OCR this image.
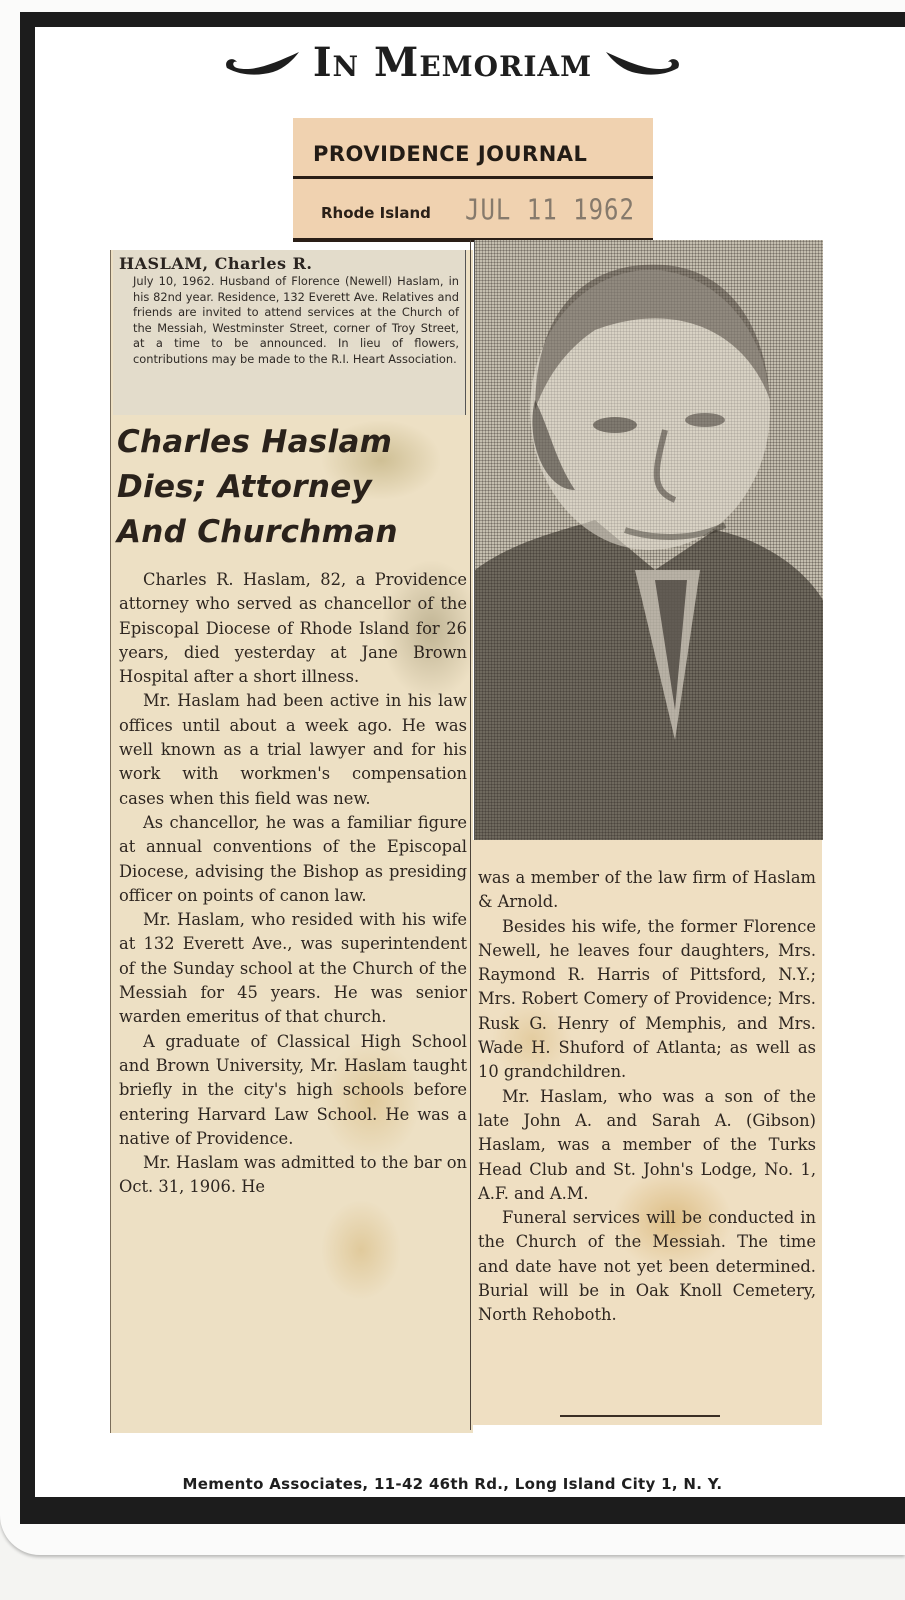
In Memoriam
PROVIDENCE JOURNAL
Rhode Island JUL 11 1962
HASLAM, Charles R.
July 10, 1962. Husband of Florence (Newell) Haslam, in his 82nd year. Residence, 132 Everett Ave. Relatives and friends are invited to attend services at the Church of the Messiah, Westminster Street, corner of Troy Street, at a time to be announced. In lieu of flowers, contributions may be made to the R.I. Heart Association.
Charles Haslam
Dies; Attorney
And Churchman

Charles R. Haslam, 82, a Providence attorney who served as chancellor of the Episcopal Diocese of Rhode Island for 26 years, died yesterday at Jane Brown Hospital after a short illness.

Mr. Haslam had been active in his law offices until about a week ago. He was well known as a trial lawyer and for his work with workmen's compensation cases when this field was new.

As chancellor, he was a familiar figure at annual conventions of the Episcopal Diocese, advising the Bishop as presiding officer on points of canon law.

Mr. Haslam, who resided with his wife at 132 Everett Ave., was superintendent of the Sunday school at the Church of the Messiah for 45 years. He was senior warden emeritus of that church.

A graduate of Classical High School and Brown University, Mr. Haslam taught briefly in the city's high schools before entering Harvard Law School. He was a native of Providence.

Mr. Haslam was admitted to the bar on Oct. 31, 1906. He

was a member of the law firm of Haslam & Arnold.

Besides his wife, the former Florence Newell, he leaves four daughters, Mrs. Raymond R. Harris of Pittsford, N.Y.; Mrs. Robert Comery of Providence; Mrs. Rusk G. Henry of Memphis, and Mrs. Wade H. Shuford of Atlanta; as well as 10 grandchildren.

Mr. Haslam, who was a son of the late John A. and Sarah A. (Gibson) Haslam, was a member of the Turks Head Club and St. John's Lodge, No. 1, A.F. and A.M.

Funeral services will be conducted in the Church of the Messiah. The time and date have not yet been determined. Burial will be in Oak Knoll Cemetery, North Rehoboth.

Memento Associates, 11-42 46th Rd., Long Island City 1, N. Y.
